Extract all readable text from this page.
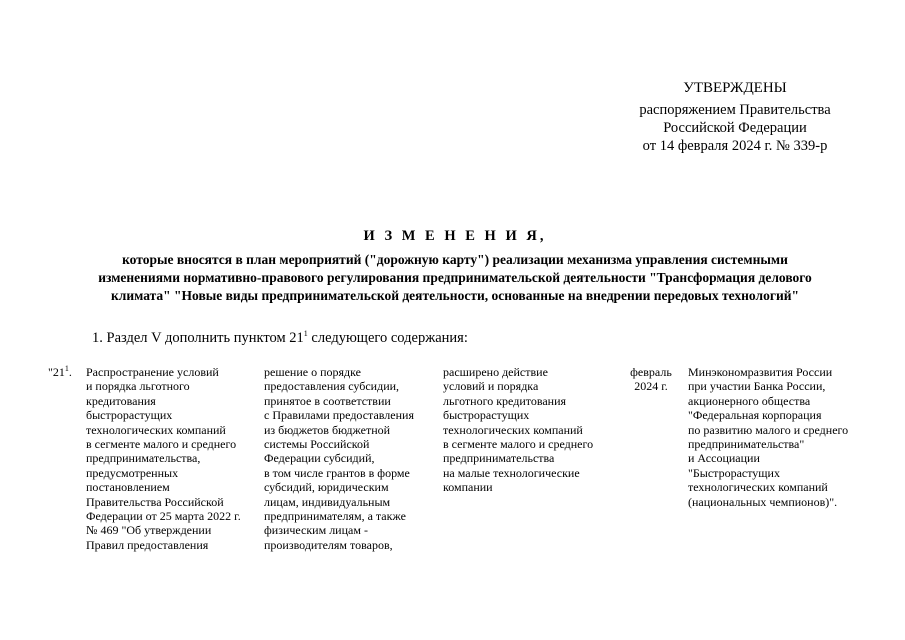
УТВЕРЖДЕНЫ
распоряжением Правительства
Российской Федерации
от 14 февраля 2024 г. № 339-р
И З М Е Н Е Н И Я,
которые вносятся в план мероприятий ("дорожную карту") реализации механизма управления системными
изменениями нормативно-правового регулирования предпринимательской деятельности "Трансформация делового
климата" "Новые виды предпринимательской деятельности, основанные на внедрении передовых технологий"
1. Раздел V дополнить пунктом $21^1$ следующего содержания:
"$21^1$.	Распространение условий
и порядка льготного
кредитования
быстрорастущих
технологических компаний
в сегменте малого и среднего
предпринимательства,
предусмотренных
постановлением
Правительства Российской
Федерации от 25 марта 2022 г.
№ 469 "Об утверждении
Правил предоставления
решение о порядке
предоставления субсидии,
принятое в соответствии
с Правилами предоставления
из бюджетов бюджетной
системы Российской
Федерации субсидий,
в том числе грантов в форме
субсидий, юридическим
лицам, индивидуальным
предпринимателям, а также
физическим лицам -
производителям товаров,
расширено действие
условий и порядка
льготного кредитования
быстрорастущих
технологических компаний
в сегменте малого и среднего
предпринимательства
на малые технологические
компании
февраль
2024 г.
Минэкономразвития России
при участии Банка России,
акционерного общества
"Федеральная корпорация
по развитию малого и среднего
предпринимательства"
и Ассоциации
"Быстрорастущих
технологических компаний
(национальных чемпионов)".
